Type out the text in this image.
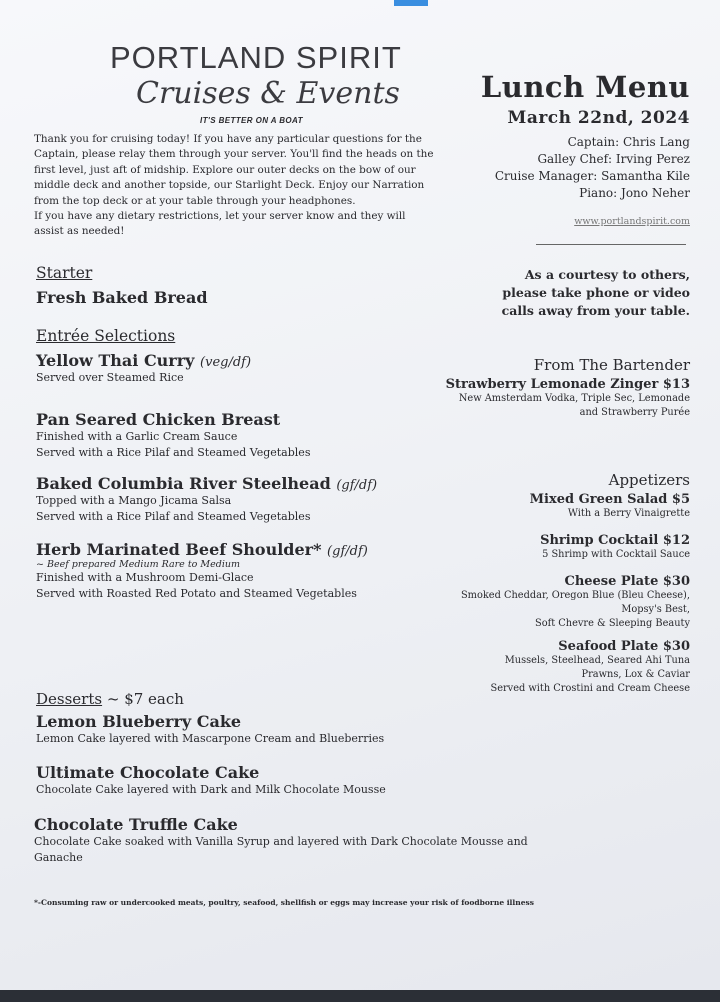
PORTLAND SPIRIT
Cruises & Events
IT'S BETTER ON A BOAT

Thank you for cruising today! If you have any particular questions for the Captain, please relay them through your server. You'll find the heads on the first level, just aft of midship. Explore our outer decks on the bow of our middle deck and another topside, our Starlight Deck. Enjoy our Narration from the top deck or at your table through your headphones.

If you have any dietary restrictions, let your server know and they will assist as needed!

Lunch Menu
March 22nd, 2024
Captain: Chris Lang
Galley Chef: Irving Perez
Cruise Manager: Samantha Kile
Piano: Jono Neher
www.portlandspirit.com
As a courtesy to others, please take phone or video calls away from your table.
Starter
Fresh Baked Bread
Entrée Selections
Yellow Thai Curry (veg/df)
Served over Steamed Rice
Pan Seared Chicken Breast
Finished with a Garlic Cream Sauce
Served with a Rice Pilaf and Steamed Vegetables
Baked Columbia River Steelhead (gf/df)
Topped with a Mango Jicama Salsa
Served with a Rice Pilaf and Steamed Vegetables
Herb Marinated Beef Shoulder* (gf/df)
~ Beef prepared Medium Rare to Medium
Finished with a Mushroom Demi-Glace
Served with Roasted Red Potato and Steamed Vegetables
From The Bartender
Strawberry Lemonade Zinger $13
New Amsterdam Vodka, Triple Sec, Lemonade
and Strawberry Purée
Appetizers
Mixed Green Salad $5
With a Berry Vinaigrette
Shrimp Cocktail $12
5 Shrimp with Cocktail Sauce
Cheese Plate $30
Smoked Cheddar, Oregon Blue (Bleu Cheese),
Mopsy's Best,
Soft Chevre & Sleeping Beauty
Seafood Plate $30
Mussels, Steelhead, Seared Ahi Tuna
Prawns, Lox & Caviar
Served with Crostini and Cream Cheese
Desserts ~ $7 each
Lemon Blueberry Cake
Lemon Cake layered with Mascarpone Cream and Blueberries
Ultimate Chocolate Cake
Chocolate Cake layered with Dark and Milk Chocolate Mousse
Chocolate Truffle Cake
Chocolate Cake soaked with Vanilla Syrup and layered with Dark Chocolate Mousse and
Ganache
*-Consuming raw or undercooked meats, poultry, seafood, shellfish or eggs may increase your risk of foodborne illness
